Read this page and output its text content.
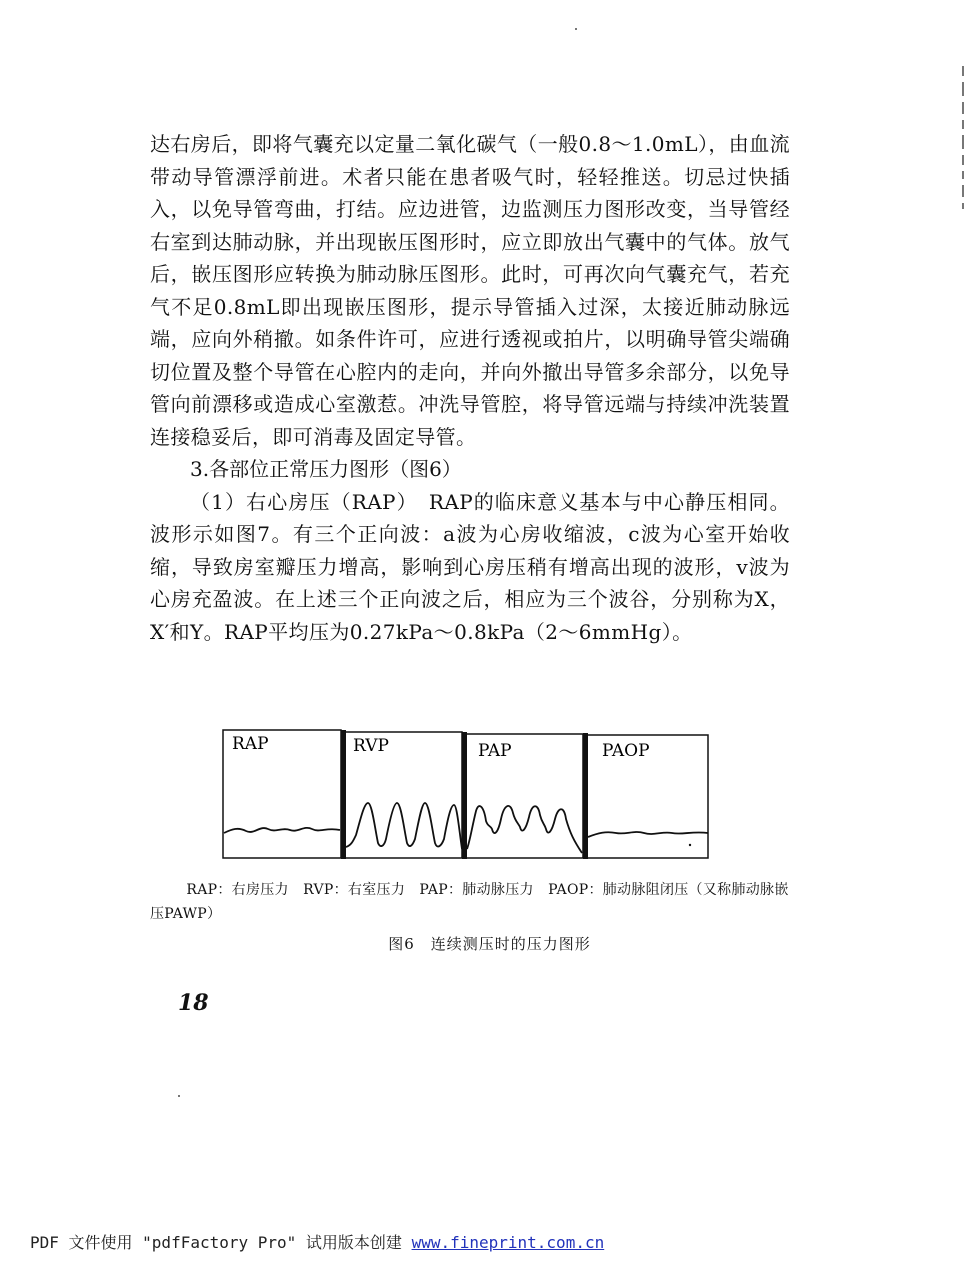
达右房后，即将气囊充以定量二氧化碳气（一般0.8～1.0mL），由血流带动导管漂浮前进。术者只能在患者吸气时，轻轻推送。切忌过快插入，以免导管弯曲，打结。应边进管，边监测压力图形改变，当导管经右室到达肺动脉，并出现嵌压图形时，应立即放出气囊中的气体。放气后，嵌压图形应转换为肺动脉压图形。此时，可再次向气囊充气，若充气不足0.8mL即出现嵌压图形，提示导管插入过深，太接近肺动脉远端，应向外稍撤。如条件许可，应进行透视或拍片，以明确导管尖端确切位置及整个导管在心腔内的走向，并向外撤出导管多余部分，以免导管向前漂移或造成心室激惹。冲洗导管腔，将导管远端与持续冲洗装置连接稳妥后，即可消毒及固定导管。

3.各部位正常压力图形（图6）

（1）右心房压（RAP）　RAP的临床意义基本与中心静压相同。波形示如图7。有三个正向波：a波为心房收缩波，c波为心室开始收缩，导致房室瓣压力增高，影响到心房压稍有增高出现的波形，v波为心房充盈波。在上述三个正向波之后，相应为三个波谷，分别称为X，X′和Y。RAP平均压为0.27kPa～0.8kPa（2～6mmHg）。

RAP	RVP	PAP	PAOP
RAP：右房压力　RVP：右室压力　PAP：肺动脉压力　PAOP：肺动脉阻闭压（又称肺动脉嵌压PAWP）
图6　连续测压时的压力图形
18
PDF 文件使用 "pdfFactory Pro" 试用版本创建 www.fineprint.com.cn
